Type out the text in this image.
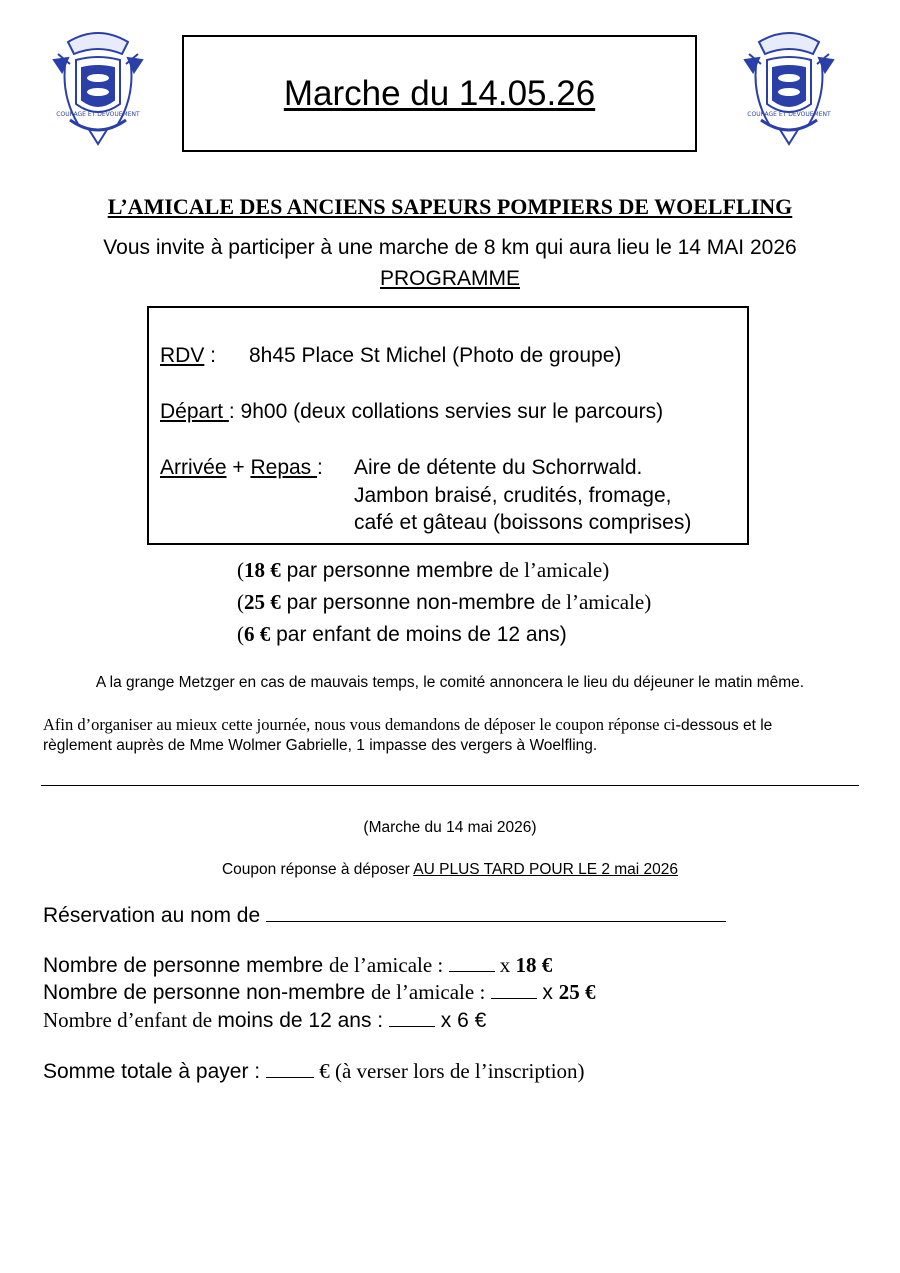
COURAGE ET DEVOUEMENT	COURAGE ET DEVOUEMENT
Marche du 14.05.26
L’AMICALE DES ANCIENS SAPEURS POMPIERS DE WOELFLING
Vous invite à participer à une marche de 8 km qui aura lieu le 14 MAI 2026
PROGRAMME
(18 € par personne membre de l’amicale)
(25 € par personne non-membre de l’amicale)
(6 € par enfant de moins de 12 ans)
RDV : 8h45 Place St Michel (Photo de groupe)
Départ : 9h00 (deux collations servies sur le parcours)
Arrivée + Repas : Aire de détente du Schorrwald.
Jambon braisé, crudités, fromage,
café et gâteau (boissons comprises)
A la grange Metzger en cas de mauvais temps, le comité annoncera le lieu du déjeuner le matin même.
Afin d’organiser au mieux cette journée, nous vous demandons de déposer le coupon réponse ci-dessous et le
règlement auprès de Mme Wolmer Gabrielle, 1 impasse des vergers à Woelfling.
(Marche du 14 mai 2026)
Coupon réponse à déposer AU PLUS TARD POUR LE 2 mai 2026
Réservation au nom de
Nombre de personne membre de l’amicale :  x 18 €
Nombre de personne non-membre de l’amicale :  x 25 €
Nombre d’enfant de moins de 12 ans :  x 6 €
Somme totale à payer :  € (à verser lors de l’inscription)
